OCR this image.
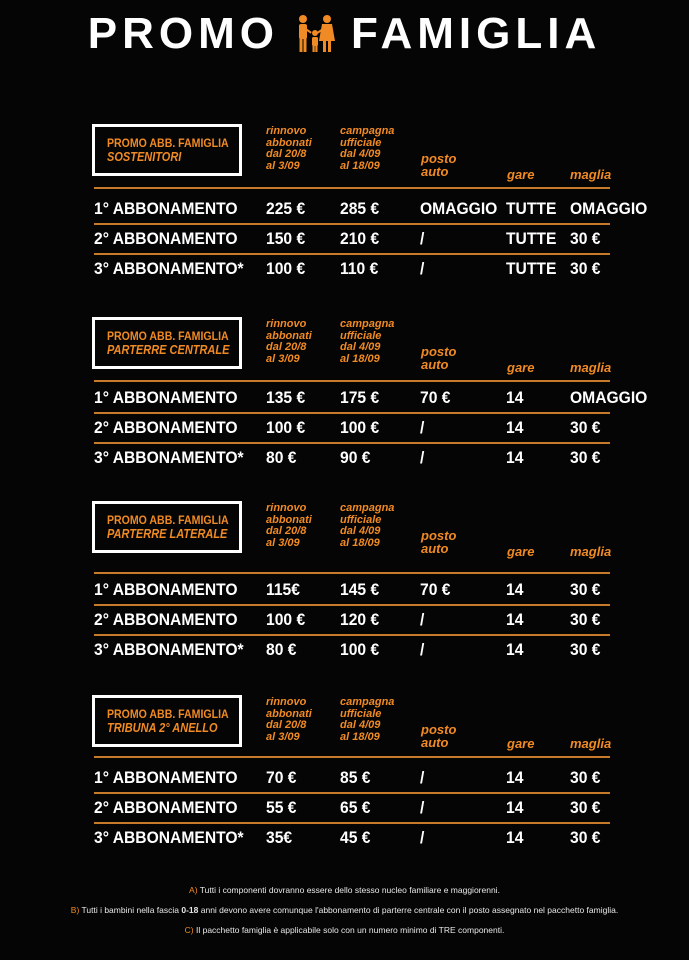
PROMO FAMIGLIA
PROMO ABB. FAMIGLIA
SOSTENITORI
rinnovo
abbonati
dal 20/8
al 3/09
campagna
ufficiale
dal 4/09
al 18/09	posto
auto	gare	maglia
1° ABBONAMENTO 225 € 285 € OMAGGIO TUTTE OMAGGIO
2° ABBONAMENTO 150 € 210 € /	TUTTE 30 €
3° ABBONAMENTO* 100 € 110 € /	TUTTE 30 €
PROMO ABB. FAMIGLIA
PARTERRE CENTRALE
rinnovo
abbonati
dal 20/8
al 3/09
campagna
ufficiale
dal 4/09
al 18/09	posto
auto	gare	maglia
1° ABBONAMENTO 135 € 175 € 70 €	14	OMAGGIO
2° ABBONAMENTO 100 € 100 € /	14	30 €
3° ABBONAMENTO* 80 €	90 €	/	14	30 €
PROMO ABB. FAMIGLIA
PARTERRE LATERALE
rinnovo
abbonati
dal 20/8
al 3/09
campagna
ufficiale
dal 4/09
al 18/09	posto
auto	gare	maglia
1° ABBONAMENTO 115€ 145 € 70 €	14	30 €
2° ABBONAMENTO 100 € 120 € /	14	30 €
3° ABBONAMENTO* 80 €	100 € /	14	30 €
PROMO ABB. FAMIGLIA
TRIBUNA 2° ANELLO
rinnovo
abbonati
dal 20/8
al 3/09
campagna
ufficiale
dal 4/09
al 18/09	posto
auto	gare	maglia
1° ABBONAMENTO 70 €	85 €	/	14	30 €
2° ABBONAMENTO 55 €	65 €	/	14	30 €
3° ABBONAMENTO* 35€	45 €	/	14	30 €
A) Tutti i componenti dovranno essere dello stesso nucleo familiare e maggiorenni.
B) Tutti i bambini nella fascia 0-18 anni devono avere comunque l'abbonamento di parterre centrale con il posto assegnato nel pacchetto famiglia.
C) Il pacchetto famiglia è applicabile solo con un numero minimo di TRE componenti.
